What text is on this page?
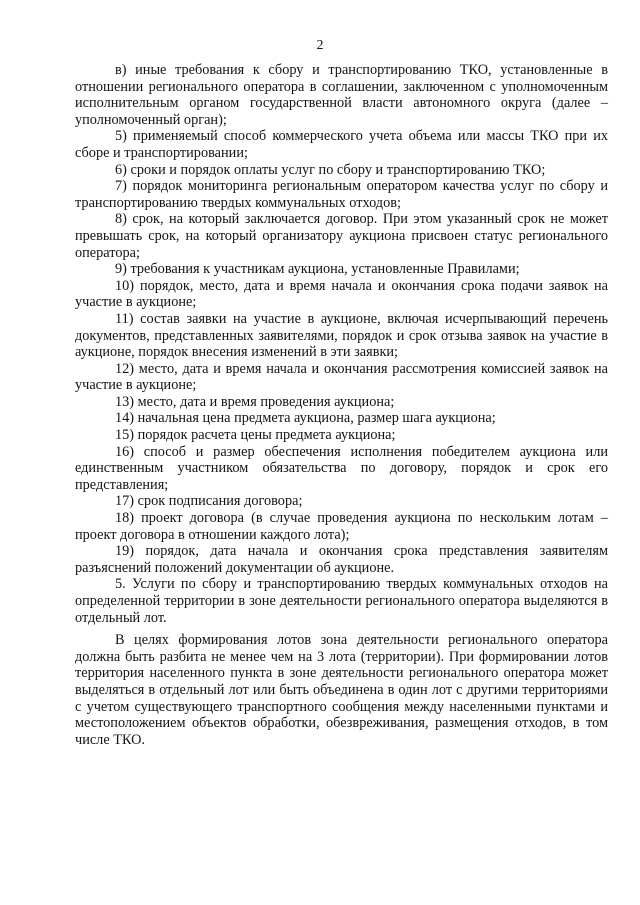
2

в) иные требования к сбору и транспортированию ТКО, установленные в отношении регионального оператора в соглашении, заключенном с уполномоченным исполнительным органом государственной власти автономного округа (далее – уполномоченный орган);

5) применяемый способ коммерческого учета объема или массы ТКО при их сборе и транспортировании;

6) сроки и порядок оплаты услуг по сбору и транспортированию ТКО;

7) порядок мониторинга региональным оператором качества услуг по сбору и транспортированию твердых коммунальных отходов;

8) срок, на который заключается договор. При этом указанный срок не может превышать срок, на который организатору аукциона присвоен статус регионального оператора;

9) требования к участникам аукциона, установленные Правилами;

10) порядок, место, дата и время начала и окончания срока подачи заявок на участие в аукционе;

11) состав заявки на участие в аукционе, включая исчерпывающий перечень документов, представленных заявителями, порядок и срок отзыва заявок на участие в аукционе, порядок внесения изменений в эти заявки;

12) место, дата и время начала и окончания рассмотрения комиссией заявок на участие в аукционе;

13) место, дата и время проведения аукциона;

14) начальная цена предмета аукциона, размер шага аукциона;

15) порядок расчета цены предмета аукциона;

16) способ и размер обеспечения исполнения победителем аукциона или единственным участником обязательства по договору, порядок и срок его представления;

17) срок подписания договора;

18) проект договора (в случае проведения аукциона по нескольким лотам – проект договора в отношении каждого лота);

19) порядок, дата начала и окончания срока представления заявителям разъяснений положений документации об аукционе.

5. Услуги по сбору и транспортированию твердых коммунальных отходов на определенной территории в зоне деятельности регионального оператора выделяются в отдельный лот.

В целях формирования лотов зона деятельности регионального оператора должна быть разбита не менее чем на 3 лота (территории). При формировании лотов территория населенного пункта в зоне деятельности регионального оператора может выделяться в отдельный лот или быть объединена в один лот с другими территориями с учетом существующего транспортного сообщения между населенными пунктами и местоположением объектов обработки, обезвреживания, размещения отходов, в том числе ТКО.
